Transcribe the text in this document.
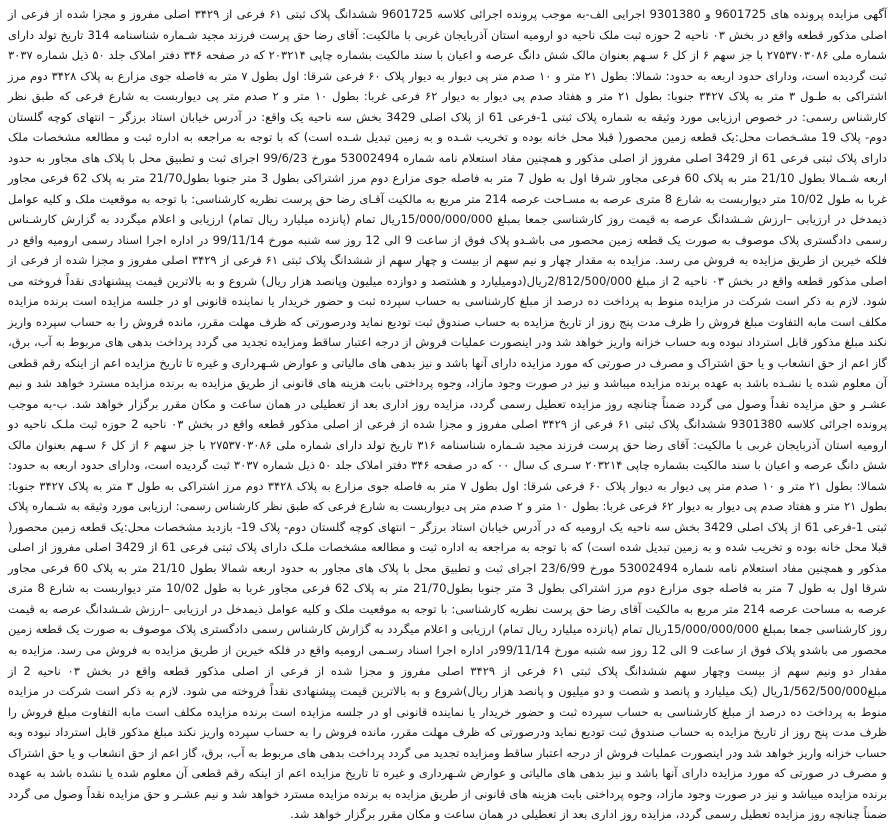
آگهی مزایده پرونده های 9601725 و 9301380 اجرایی الف-به موجب پرونده اجرائی کلاسه 9601725 ششدانگ پلاک ثبتی ۶۱ فرعی از ۳۴۲۹ اصلی مفروز و مجزا شده از فرعی از اصلی مذکور قطعه واقع در بخش ۰۳ ناحیه 2 حوزه ثبت ملک ناحیه دو ارومیه استان آذربایجان غربی با مالکیت: آقای رضا حق پرست فرزند مجید شـماره شناسنامه 314 تاریخ تولد دارای شماره ملی ۲۷۵۳۷۰۳۰۸۶ با جز سهم ۶ از کل ۶ سـهم بعنوان مالک شش دانگ عرصه و اعیان با سند مالکیت بشماره چاپی ۲۰۳۲۱۴ که در صفحه ۳۴۶ دفتر املاک جلد ۵۰ ذیل شماره ۳۰۳۷ ثبت گردیده است، ودارای حدود اربعه به حدود: شمالا: بطول ۲۱ متر و ۱۰ صدم متر پی دیوار به دیوار پلاک ۶۰ فرعی شرقا: اول بطول ۷ متر به فاصله جوی مزارع به پلاک ۳۴۲۸ دوم مرز اشتراکی به طـول ۳ متر به پلاک ۳۴۲۷ جنوبا: بطول ۲۱ متر و هفتاد صدم پی دیوار به دیوار ۶۲ فرعی غربا: بطول ۱۰ متر و ۲ صدم متر پی دیواربست به شارع فرعی که طبق نظر کارشناس رسمی: در خصوص ارزیابی مورد وثیقه به شماره پلاک ثبتی 1-فرعی 61 از پلاک اصلی 3429 بخش سه ناحیه یک واقع: در آدرس خیابان استاد برزگر – انتهای کوچه گلستان دوم- پلاک 19 مشـخصات محل:یک قطعه زمین محصور( قبلا محل خانه بوده و تخریب شـده و به زمین تبدیل شـده است) که با توجه به مراجعه به اداره ثبت و مطالعه مشخصات ملک دارای پلاک ثبتی فرعی 61 از 3429 اصلی مفروز از اصلی مذکور و همچنین مفاد استعلام نامه شماره 53002494 مورخ 99/6/23 اجرای ثبت و تطبیق محل با پلاک های مجاور به حدود اربعه شـمالا بطول 21/10 متر به پلاک 60 فرعی مجاور شرقا اول به طول 7 متر به فاصله جوی مزارع دوم مرز اشتراکی بطول 3 متر جنوبا بطول21/70 متر به پلاک 62 فرعی مجاور غربا به طول 10/02 متر دیواربست به شارع 8 متری عرصه به مسـاحت عرصه 214 متر مربع به مالکیت آقـای رضا حق پرست نظریه کارشناسی: با توجه به موقعیت ملک و کلیه عوامل ذیمدخل در ارزیابی –ارزش شـشدانگ عرصه به قیمت روز کارشناسی جمعا بمبلغ 15/000/000/000ریال تمام (پانزده میلیارد ریال تمام) ارزیابی و اعلام میگردد به گزارش کارشـناس رسمی دادگستری پلاک موصوف به صورت یک قطعه زمین محصور می باشـدو پلاک فوق از ساعت 9 الی 12 روز سه شنبه مورخ 99/11/14 در اداره اجرا اسناد رسمی ارومیه واقع در فلکه خیرین از طریق مزایده به فروش می رسد. مزایده به مقدار چهار و نیم سهم از بیست و چهار سهم از ششدانگ پلاک ثبتی ۶۱ فرعی از ۳۴۲۹ اصلی مفروز و مجزا شده از فرعی از اصلی مذکور قطعه واقع در بخش ۰۳ ناحیه 2 از مبلغ 2/812/500/000ریال(دومیلیارد و هشتصد و دوازده میلیون وپانصد هزار ریال) شروع و به بالاترین قیمت پیشنهادی نقداً فروخته می شود. لازم به ذکر است شرکت در مزایده منوط به پرداخت ده درصد از مبلغ کارشناسی به حساب سپرده ثبت و حضور خریدار یا نماینده قانونی او در جلسه مزایده است برنده مزایده مکلف است مابه التفاوت مبلغ فروش را ظرف مدت پنج روز از تاریخ مزایده به حساب صندوق ثبت تودیع نماید ودرصورتی که ظرف مهلت مقرر، مانده فروش را به حساب سپرده واریز نکند مبلغ مذکور قابل استرداد نبوده وبه حساب خزانه واریز خواهد شد ودر اینصورت عملیات فروش از درجه اعتبار ساقط ومزایده تجدید می گردد پرداخت بدهی های مربوط به آب، برق، گاز اعم از حق انشعاب و یا حق اشتراک و مصرف در صورتی که مورد مزایده دارای آنها باشد و نیز بدهی های مالیاتی و عوارض شـهرداری و غیره تا تاریخ مزایده اعم از اینکه رقم قطعی آن معلوم شده یا نشـده باشد به عهده برنده مزایده میباشد و نیز در صورت وجود مازاد، وجوه پرداختی بابت هزینه های قانونی از طریق مزایده به برنده مزایده مسترد خواهد شد و نیم عشـر و حق مزایده نقداً وصول می گردد ضمناً چنانچه روز مزایده تعطیل رسمی گردد، مزایده روز اداری بعد از تعطیلی در همان ساعت و مکان مقرر برگزار خواهد شد. ب-به موجب پرونده اجرائی کلاسه 9301380 ششدانگ پلاک ثبتی ۶۱ فرعی از ۳۴۲۹ اصلی مفروز و مجزا شده از فرعی از اصلی مذکور قطعه واقع در بخش ۰۳ ناحیه 2 حوزه ثبت ملـک ناحیه دو ارومیه استان آذربایجان غربی با مالکیت: آقای رضا حق پرست فرزند مجید شـماره شناسنامه ۳۱۶ تاریخ تولد دارای شماره ملی ۲۷۵۳۷۰۳۰۸۶ با جز سهم ۶ از کل ۶ سـهم بعنوان مالک شش دانگ عرصه و اعیان با سند مالکیت بشماره چاپی ۲۰۳۲۱۴ سـری ک سال ۰۰ که در صفحه ۳۴۶ دفتر املاک جلد ۵۰ ذیل شماره ۳۰۳۷ ثبت گردیده است، ودارای حدود اربعه به حدود: شمالا: بطول ۲۱ متر و ۱۰ صدم متر پی دیوار به دیوار پلاک ۶۰ فرعی شرقا: اول بطول ۷ متر به فاصله جوی مزارع به پلاک ۳۴۲۸ دوم مرز اشتراکی به طول ۳ متر به پلاک ۳۴۲۷ جنوبا: بطول ۲۱ متر و هفتاد صدم پی دیوار به دیوار ۶۲ فرعی غربا: بطول ۱۰ متر و ۲ صدم متر پی دیواربست به شارع فرعی که طبق نظر کارشناس رسمی: ارزیابی مورد وثیقه به شـماره پلاک ثبتی 1-فرعی 61 از پلاک اصلی 3429 بخش سه ناحیه یک ارومیه که در آدرس خیابان استاد برزگر – انتهای کوچه گلستان دوم- پلاک 19- بازدید مشخصات محل:یک قطعه زمین محصور( قبلا محل خانه بوده و تخریب شده و به زمین تبدیل شده است) که با توجه به مراجعه به اداره ثبت و مطالعه مشخصات ملـک دارای پلاک ثبتی فرعی 61 از 3429 اصلی مفروز از اصلی مذکور و همچنین مفاد استعلام نامه شماره 53002494 مورخ 23/6/99 اجرای ثبت و تطبیق محل با پلاک های مجاور به حدود اربعه شمالا بطول 21/10 متر به پلاک 60 فرعی مجاور شرقا اول به طول 7 متر به فاصله جوی مزارع دوم مرز اشتراکی بطول 3 متر جنوبا بطول21/70 متر به پلاک 62 فرعی مجاور غربا به طول 10/02 متر دیواربست به شارع 8 متری عرصه به مساحت عرصه 214 متر مربع به مالکیت آقای رضا حق پرست نظریه کارشناسی: با توجه به موقعیت ملک و کلیه عوامل ذیمدخل در ارزیابی –ارزش شـشدانگ عرصه به قیمت روز کارشناسی جمعا بمبلغ 15/000/000/000ریال تمام (پانزده میلیارد ریال تمام) ارزیابی و اعلام میگردد به گزارش کارشناس رسمی دادگستری پلاک موصوف به صورت یک قطعه زمین محصور می باشدو پلاک فوق از ساعت 9 الی 12 روز سه شنبه مورخ 99/11/14در اداره اجرا اسناد رسـمی ارومیه واقع در فلکه خیرین از طریق مزایده به فروش می رسد. مزایده به مقدار دو ونیم سهم از بیست وچهار سهم ششدانگ پلاک ثبتی ۶۱ فرعی از ۳۴۲۹ اصلی مفروز و مجزا شده از فرعی از اصلی مذکور قطعه واقع در بخش ۰۳ ناحیه 2 از مبلغ1/562/500/000ریال (یک میلیارد و پانصد و شصت و دو میلیون و پانصد هزار ریال)شروع و به بالاترین قیمت پیشنهادی نقداً فروخته می شود. لازم به ذکر است شرکت در مزایده منوط به پرداخت ده درصد از مبلغ کارشناسی به حساب سپرده ثبت و حضور خریدار یا نماینده قانونی او در جلسه مزایده است برنده مزایده مکلف است مابه التفاوت مبلغ فروش را ظرف مدت پنج روز از تاریخ مزایده به حساب صندوق ثبت تودیع نماید ودرصورتی که ظرف مهلت مقرر، مانده فروش را به حساب سپرده واریز نکند مبلغ مذکور قابل استرداد نبوده وبه حساب خزانه واریز خواهد شد ودر اینصورت عملیات فروش از درجه اعتبار ساقط ومزایده تجدید می گردد پرداخت بدهی های مربوط به آب، برق، گاز اعم از حق انشعاب و یا حق اشتراک و مصرف در صورتی که مورد مزایده دارای آنها باشد و نیز بدهی های مالیاتی و عوارض شـهرداری و غیره تا تاریخ مزایده اعم از اینکه رقم قطعی آن معلوم شده یا نشده باشد به عهده برنده مزایده میباشد و نیز در صورت وجود مازاد، وجوه پرداختی بابت هزینه های قانونی از طریق مزایده به برنده مزایده مسترد خواهد شد و نیم عشـر و حق مزایده نقداً وصول می گردد ضمناً چنانچه روز مزایده تعطیل رسمی گردد، مزایده روز اداری بعد از تعطیلی در همان ساعت و مکان مقرر برگزار خواهد شد.
